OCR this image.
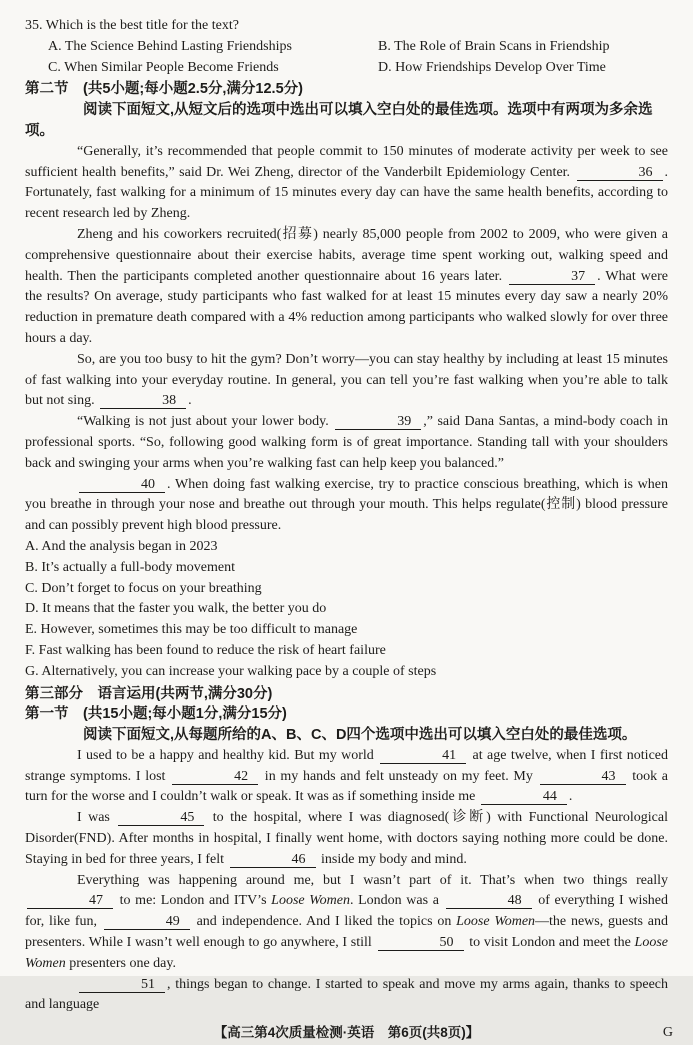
35. Which is the best title for the text?
A. The Science Behind Lasting Friendships	B. The Role of Brain Scans in Friendship
C. When Similar People Become Friends	D. How Friendships Develop Over Time
第二节　(共5小题;每小题2.5分,满分12.5分)
阅读下面短文,从短文后的选项中选出可以填入空白处的最佳选项。选项中有两项为多余选项。

“Generally, it’s recommended that people commit to 150 minutes of moderate activity per week to see sufficient health benefits,” said Dr. Wei Zheng, director of the Vanderbilt Epidemiology Center.	36 . Fortunately, fast walking for a minimum of 15 minutes every day can have the same health benefits, according to recent research led by Zheng.

Zheng and his coworkers recruited(招募) nearly 85,000 people from 2002 to 2009, who were given a comprehensive questionnaire about their exercise habits, average time spent working out, walking speed and health. Then the participants completed another questionnaire about 16 years later.	37 . What were the results? On average, study participants who fast walked for at least 15 minutes every day saw a nearly 20% reduction in premature death compared with a 4% reduction among participants who walked slowly for over three hours a day.

So, are you too busy to hit the gym? Don’t worry—you can stay healthy by including at least 15 minutes of fast walking into your everyday routine. In general, you can tell you’re fast walking when you’re able to talk but not sing.	38 .

“Walking is not just about your lower body.	39 ,” said Dana Santas, a mind-body coach in professional sports. “So, following good walking form is of great importance. Standing tall with your shoulders back and swinging your arms when you’re walking fast can help keep you balanced.”

40 . When doing fast walking exercise, try to practice conscious breathing, which is when you breathe in through your nose and breathe out through your mouth. This helps regulate(控制) blood pressure and can possibly prevent high blood pressure.

A. And the analysis began in 2023
B. It’s actually a full-body movement
C. Don’t forget to focus on your breathing
D. It means that the faster you walk, the better you do
E. However, sometimes this may be too difficult to manage
F. Fast walking has been found to reduce the risk of heart failure
G. Alternatively, you can increase your walking pace by a couple of steps
第三部分　语言运用(共两节,满分30分)
第一节　(共15小题;每小题1分,满分15分)
阅读下面短文,从每题所给的A、B、C、D四个选项中选出可以填入空白处的最佳选项。

I used to be a happy and healthy kid. But my world	41 at age twelve, when I first noticed strange symptoms. I lost	42 in my hands and felt unsteady on my feet. My	43 took a turn for the worse and I couldn’t walk or speak. It was as if something inside me	44 .

I was	45 to the hospital, where I was diagnosed(诊断) with Functional Neurological Disorder(FND). After months in hospital, I finally went home, with doctors saying nothing more could be done. Staying in bed for three years, I felt	46 inside my body and mind.

Everything was happening around me, but I wasn’t part of it. That’s when two things really 47 to me: London and ITV’s Loose Women. London was a	48 of everything I wished for, like fun,	49 and independence. And I liked the topics on Loose Women—the news, guests and presenters. While I wasn’t well enough to go anywhere, I still	50 to visit London and meet the Loose Women presenters one day.

51 , things began to change. I started to speak and move my arms again, thanks to speech and language

【高三第4次质量检测·英语　第6页(共8页)】	G
